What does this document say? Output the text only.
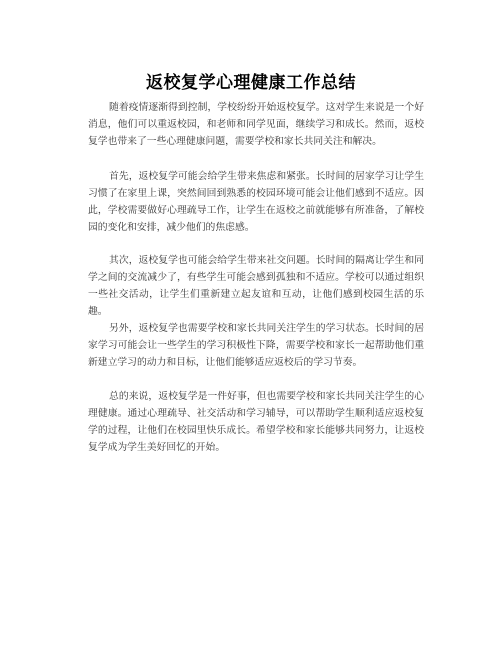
返校复学心理健康工作总结

随着疫情逐渐得到控制，学校纷纷开始返校复学。这对学生来说是一个好消息，他们可以重返校园，和老师和同学见面，继续学习和成长。然而，返校复学也带来了一些心理健康问题，需要学校和家长共同关注和解决。

首先，返校复学可能会给学生带来焦虑和紧张。长时间的居家学习让学生习惯了在家里上课，突然间回到熟悉的校园环境可能会让他们感到不适应。因此，学校需要做好心理疏导工作，让学生在返校之前就能够有所准备，了解校园的变化和安排，减少他们的焦虑感。

其次，返校复学也可能会给学生带来社交问题。长时间的隔离让学生和同学之间的交流减少了，有些学生可能会感到孤独和不适应。学校可以通过组织一些社交活动，让学生们重新建立起友谊和互动，让他们感到校园生活的乐趣。

另外，返校复学也需要学校和家长共同关注学生的学习状态。长时间的居家学习可能会让一些学生的学习积极性下降，需要学校和家长一起帮助他们重新建立学习的动力和目标，让他们能够适应返校后的学习节奏。

总的来说，返校复学是一件好事，但也需要学校和家长共同关注学生的心理健康。通过心理疏导、社交活动和学习辅导，可以帮助学生顺利适应返校复学的过程，让他们在校园里快乐成长。希望学校和家长能够共同努力，让返校复学成为学生美好回忆的开始。
